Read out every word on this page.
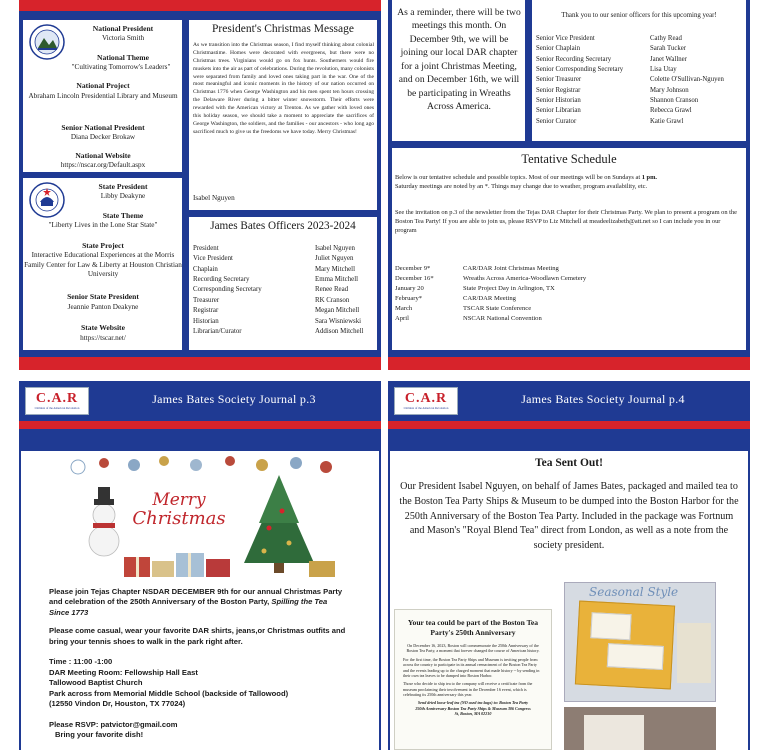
National President
Victoria Smith
National Theme
"Cultivating Tomorrow's Leaders"
National Project
Abraham Lincoln Presidential Library and Museum
Senior National President
Diana Decker Brokaw
National Website
https://nscar.org/Default.aspx
State President
Libby Deakyne
State Theme
"Liberty Lives in the Lone Star State"
State Project
Interactive Educational Experiences at the Morris Family Center for Law & Liberty at Houston Christian University
Senior State President
Jeannie Panton Deakyne
State Website
https://tscar.net/
President's Christmas Message
As we transition into the Christmas season, I find myself thinking about colonial Christmastime. Homes were decorated with evergreens, but there were no Christmas trees. Virginians would go on fox hunts. Southerners would fire muskets into the air as part of celebrations. During the revolution, many colonists were separated from family and loved ones taking part in the war. One of the most meaningful and iconic moments in the history of our nation occurred on Christmas 1776 when George Washington and his men spent ten hours crossing the Delaware River during a bitter winter snowstorm. Their efforts were rewarded with the American victory at Trenton. As we gather with loved ones this holiday season, we should take a moment to appreciate the sacrifices of George Washington, the soldiers, and the families - our ancestors - who long ago sacrificed much to give us the freedoms we have today. Merry Christmas!
Isabel Nguyen
James Bates Officers 2023-2024
President	Isabel Nguyen
Vice President	Juliet Nguyen
Chaplain	Mary Mitchell
Recording Secretary	Emma Mitchell
Corresponding Secretary	Renee Read
Treasurer	RK Cranson
Registrar	Megan Mitchell
Historian	Sara Wisniewski
Librarian/Curator	Addison Mitchell
As a reminder, there will be two meetings this month. On December 9th, we will be joining our local DAR chapter for a joint Christmas Meeting, and on December 16th, we will be participating in Wreaths Across America.
Thank you to our senior officers for this upcoming year!
Senior Vice President	Cathy Read
Senior Chaplain	Sarah Tucker
Senior Recording Secretary	Janet Wallner
Senior Corresponding Secretary	Lisa Utay
Senior Treasurer	Colette O'Sullivan-Nguyen
Senior Registrar	Mary Johnson
Senior Historian	Shannon Cranson
Senior Librarian	Rebecca Grawl
Senior Curator	Katie Grawl
Tentative Schedule
Below is our tentative schedule and possible topics. Most of our meetings will be on Sundays at 1 pm.
Saturday meetings are noted by an *. Things may change due to weather, program availability, etc.
See the invitation on p.3 of the newsletter from the Tejas DAR Chapter for their Christmas Party. We plan to present a program on the Boston Tea Party! If you are able to join us, please RSVP to Liz Mitchell at meadeelizabeth@att.net so I can include you in our program
December 9*	CAR/DAR Joint Christmas Meeting
December 16*	Wreaths Across America-Woodlawn Cemetery
January 20	State Project Day in Arlington, TX
February*	CAR/DAR Meeting
March	TSCAR State Conference
April	NSCAR National Convention
C.A.R
Children of the American Revolution
James Bates Society Journal p.3
Merry
Christmas
Please join Tejas Chapter NSDAR DECEMBER 9th for our annual Christmas Party and celebration of the 250th Anniversary of the Boston Party, Spilling the Tea Since 1773
Please come casual, wear your favorite DAR shirts, jeans,or Christmas outfits and bring your tennis shoes to walk in the park right after.
Time : 11:00 -1:00
DAR Meeting Room: Fellowship Hall East
Tallowood Baptist Church
Park across from Memorial Middle School (backside of Tallowood)
(12550 Vindon Dr, Houston, TX 77024)
Please RSVP: patvictor@gmail.com
Bring your favorite dish!
C.A.R
Children of the American Revolution
James Bates Society Journal p.4
Tea Sent Out!
Our President Isabel Nguyen, on behalf of James Bates, packaged and mailed tea to the Boston Tea Party Ships & Museum to be dumped into the Boston Harbor for the 250th Anniversary of the Boston Tea Party. Included in the package was Fortnum and Mason's "Royal Blend Tea" direct from London, as well as a note from the society president.
Your tea could be part of the Boston Tea Party's 250th Anniversary
On December 16, 2023, Boston will commemorate the 250th Anniversary of the Boston Tea Party, a moment that forever changed the course of American history.
For the first time, the Boston Tea Party Ships and Museum is inviting people from across the country to participate in its annual reenactment of the Boston Tea Party and the events leading up to the charged moment that made history -- by sending in their own tea leaves to be dumped into Boston Harbor.
Those who decide to ship tea to the company will receive a certificate from the museum proclaiming their involvement in the December 16 event, which is celebrating its 250th anniversary this year.
Send dried loose-leaf tea (NO used tea bags) to: Boston Tea Party 250th Anniversary Boston Tea Party Ships & Museum 306 Congress St, Boston, MA 02210
Seasonal Style
